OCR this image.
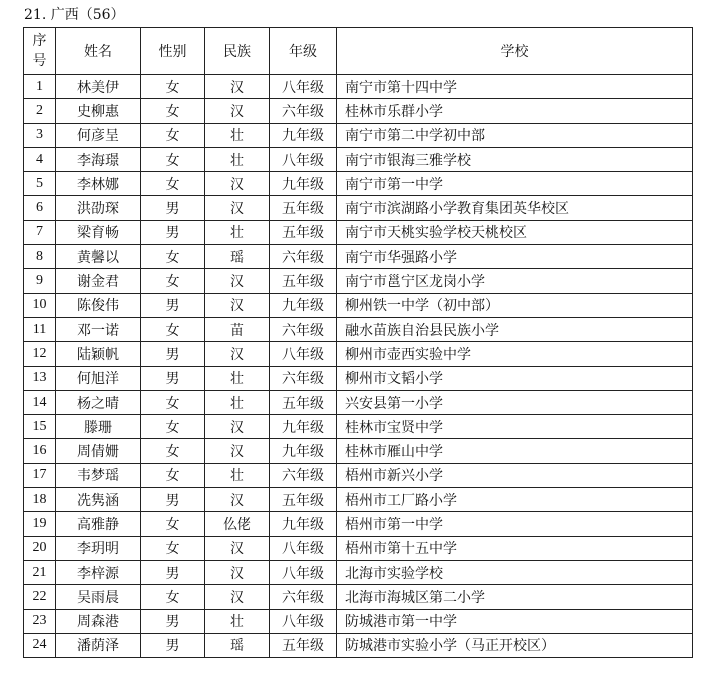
21. 广西（56）
序
号	姓名	性别	民族	年级	学校
1	林美伊	女	汉	八年级	南宁市第十四中学
2	史柳惠	女	汉	六年级	桂林市乐群小学
3	何彦呈	女	壮	九年级	南宁市第二中学初中部
4	李海璟	女	壮	八年级	南宁市银海三雅学校
5	李林娜	女	汉	九年级	南宁市第一中学
6	洪劭琛	男	汉	五年级	南宁市滨湖路小学教育集团英华校区
7	梁育畅	男	壮	五年级	南宁市天桃实验学校天桃校区
8	黄馨以	女	瑶	六年级	南宁市华强路小学
9	谢金君	女	汉	五年级	南宁市邕宁区龙岗小学
10	陈俊伟	男	汉	九年级	柳州铁一中学（初中部）
11	邓一诺	女	苗	六年级	融水苗族自治县民族小学
12	陆颖帆	男	汉	八年级	柳州市壶西实验中学
13	何旭洋	男	壮	六年级	柳州市文韬小学
14	杨之晴	女	壮	五年级	兴安县第一小学
15	滕珊	女	汉	九年级	桂林市宝贤中学
16	周倩姗	女	汉	九年级	桂林市雁山中学
17	韦梦瑶	女	壮	六年级	梧州市新兴小学
18	冼隽涵	男	汉	五年级	梧州市工厂路小学
19	高雅静	女	仫佬	九年级	梧州市第一中学
20	李玥明	女	汉	八年级	梧州市第十五中学
21	李梓源	男	汉	八年级	北海市实验学校
22	吴雨晨	女	汉	六年级	北海市海城区第二小学
23	周森港	男	壮	八年级	防城港市第一中学
24	潘荫泽	男	瑶	五年级	防城港市实验小学（马正开校区）
